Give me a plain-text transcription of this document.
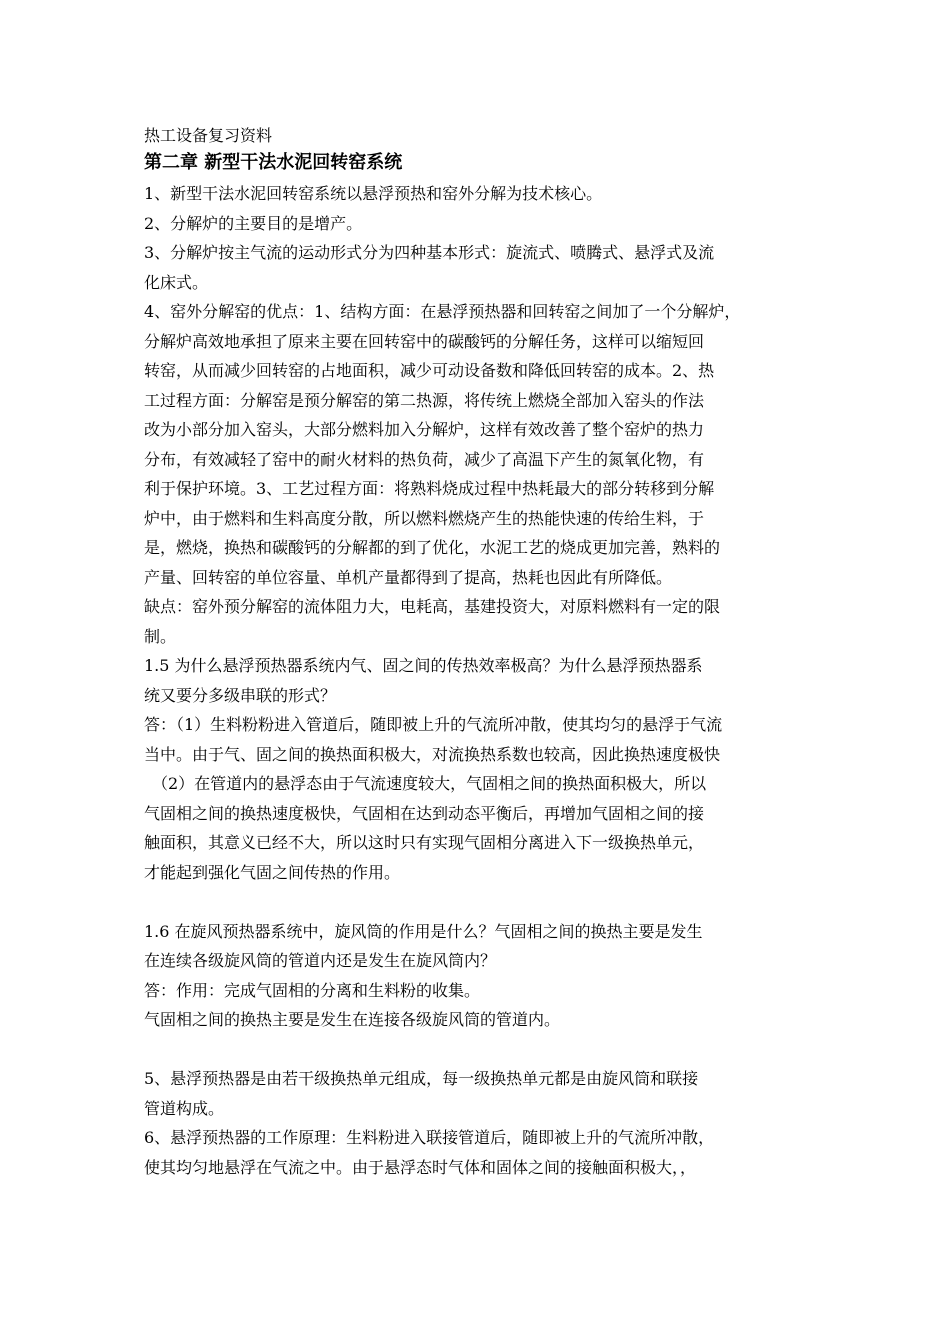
热工设备复习资料
第二章 新型干法水泥回转窑系统
1、新型干法水泥回转窑系统以悬浮预热和窑外分解为技术核心。
2、分解炉的主要目的是增产。
3、分解炉按主气流的运动形式分为四种基本形式：旋流式、喷腾式、悬浮式及流
化床式。
4、窑外分解窑的优点：1、结构方面：在悬浮预热器和回转窑之间加了一个分解炉，
分解炉高效地承担了原来主要在回转窑中的碳酸钙的分解任务，这样可以缩短回
转窑，从而减少回转窑的占地面积，减少可动设备数和降低回转窑的成本。2、热
工过程方面：分解窑是预分解窑的第二热源，将传统上燃烧全部加入窑头的作法
改为小部分加入窑头，大部分燃料加入分解炉，这样有效改善了整个窑炉的热力
分布，有效减轻了窑中的耐火材料的热负荷，减少了高温下产生的氮氧化物，有
利于保护环境。3、工艺过程方面：将熟料烧成过程中热耗最大的部分转移到分解
炉中，由于燃料和生料高度分散，所以燃料燃烧产生的热能快速的传给生料，于
是，燃烧，换热和碳酸钙的分解都的到了优化，水泥工艺的烧成更加完善，熟料的
产量、回转窑的单位容量、单机产量都得到了提高，热耗也因此有所降低。
缺点：窑外预分解窑的流体阻力大，电耗高，基建投资大，对原料燃料有一定的限
制。
1.5 为什么悬浮预热器系统内气、固之间的传热效率极高？为什么悬浮预热器系
统又要分多级串联的形式？
答：（1）生料粉粉进入管道后，随即被上升的气流所冲散，使其均匀的悬浮于气流
当中。由于气、固之间的换热面积极大，对流换热系数也较高，因此换热速度极快
　（2）在管道内的悬浮态由于气流速度较大，气固相之间的换热面积极大，所以
气固相之间的换热速度极快，气固相在达到动态平衡后，再增加气固相之间的接
触面积，其意义已经不大，所以这时只有实现气固相分离进入下一级换热单元，
才能起到强化气固之间传热的作用。
1.6 在旋风预热器系统中，旋风筒的作用是什么？气固相之间的换热主要是发生
在连续各级旋风筒的管道内还是发生在旋风筒内？
答：作用：完成气固相的分离和生料粉的收集。
气固相之间的换热主要是发生在连接各级旋风筒的管道内。
5、悬浮预热器是由若干级换热单元组成，每一级换热单元都是由旋风筒和联接
管道构成。
6、悬浮预热器的工作原理：生料粉进入联接管道后，随即被上升的气流所冲散，
使其均匀地悬浮在气流之中。由于悬浮态时气体和固体之间的接触面积极大，，
